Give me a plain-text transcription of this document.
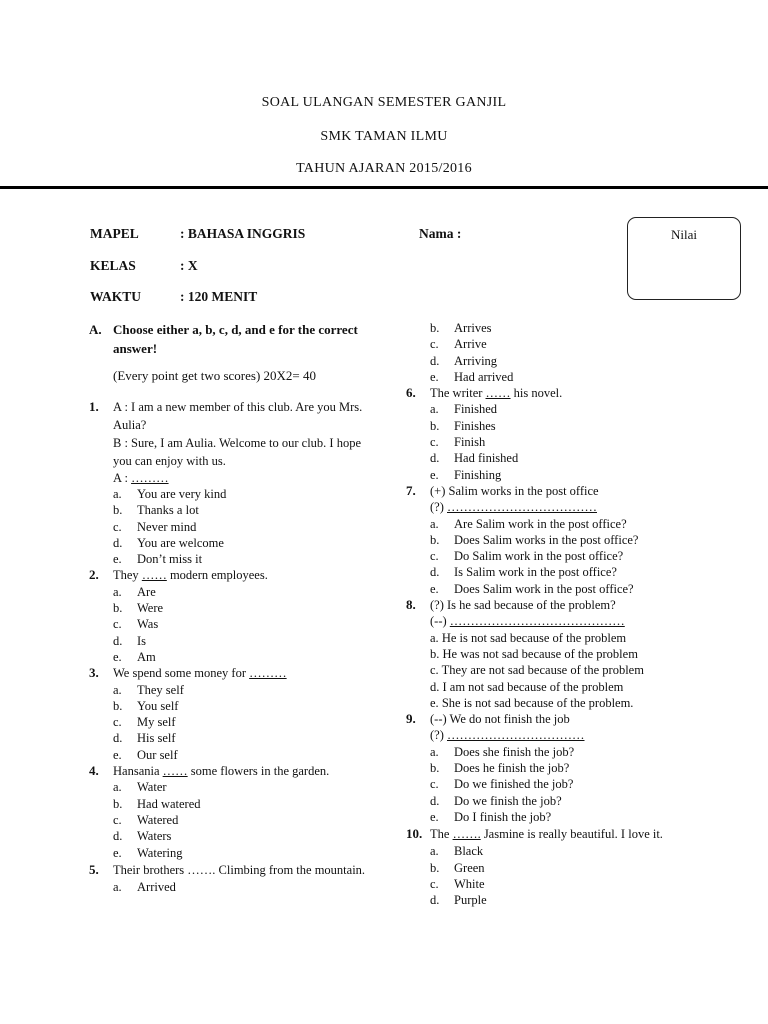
SOAL ULANGAN SEMESTER GANJIL
SMK TAMAN ILMU
TAHUN AJARAN 2015/2016
MAPEL	: BAHASA INGGRIS
KELAS	: X
WAKTU	: 120 MENIT
Nama :	Nilai
A. Choose either a, b, c, d, and e for the correct answer!
(Every point get two scores) 20X2= 40
1. A : I am a new member of this club. Are you Mrs. Aulia?
B : Sure, I am Aulia. Welcome to our club. I hope you can enjoy with us.
A : ………
a. You are very kind
b. Thanks a lot
c. Never mind
d. You are welcome
e. Don’t miss it
2. They …… modern employees.
a. Are
b. Were
c. Was
d. Is
e. Am
3. We spend some money for ………
a. They self
b. You self
c. My self
d. His self
e. Our self
4. Hansania …… some flowers in the garden.
a. Water
b. Had watered
c. Watered
d. Waters
e. Watering
5. Their brothers ……. Climbing from the mountain.
a. Arrived
b. Arrives
c. Arrive
d. Arriving
e. Had arrived
6. The writer …… his novel.
a. Finished
b. Finishes
c. Finish
d. Had finished
e. Finishing
7. (+) Salim works in the post office
(?) ………………………………
a. Are Salim work in the post office?
b. Does Salim works in the post office?
c. Do Salim work in the post office?
d. Is Salim work in the post office?
e. Does Salim work in the post office?
8. (?) Is he sad because of the problem?
(--) ……………………………………
a. He is not sad because of the problem
b. He was not sad because of the problem
c. They are not sad because of the problem
d. I am not sad because of the problem
e. She is not sad because of the problem.
9. (--) We do not finish the job
(?) ……………………………
a. Does she finish the job?
b. Does he finish the job?
c. Do we finished the job?
d. Do we finish the job?
e. Do I finish the job?
10. The ……. Jasmine is really beautiful. I love it.
a. Black
b. Green
c. White
d. Purple
